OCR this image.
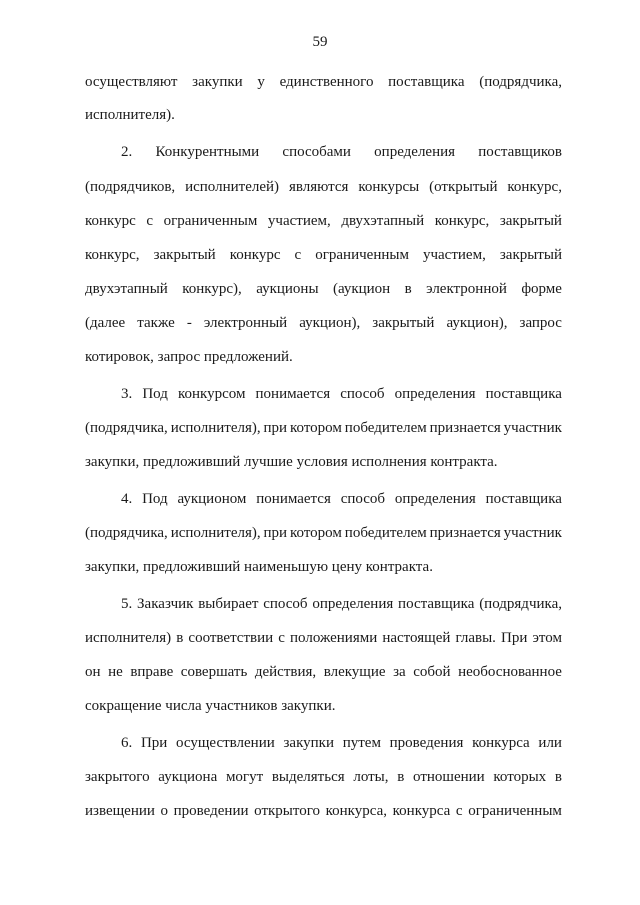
59
осуществляют закупки у единственного поставщика (подрядчика,
исполнителя).
2. Конкурентными способами определения поставщиков
(подрядчиков, исполнителей) являются конкурсы (открытый конкурс,
конкурс с ограниченным участием, двухэтапный конкурс, закрытый
конкурс, закрытый конкурс с ограниченным участием, закрытый
двухэтапный конкурс), аукционы (аукцион в электронной форме
(далее также - электронный аукцион), закрытый аукцион), запрос
котировок, запрос предложений.
3. Под конкурсом понимается способ определения поставщика
(подрядчика, исполнителя), при котором победителем признается участник
закупки, предложивший лучшие условия исполнения контракта.
4. Под аукционом понимается способ определения поставщика
(подрядчика, исполнителя), при котором победителем признается участник
закупки, предложивший наименьшую цену контракта.
5. Заказчик выбирает способ определения поставщика (подрядчика,
исполнителя) в соответствии с положениями настоящей главы. При этом
он не вправе совершать действия, влекущие за собой необоснованное
сокращение числа участников закупки.
6. При осуществлении закупки путем проведения конкурса или
закрытого аукциона могут выделяться лоты, в отношении которых в
извещении о проведении открытого конкурса, конкурса с ограниченным
